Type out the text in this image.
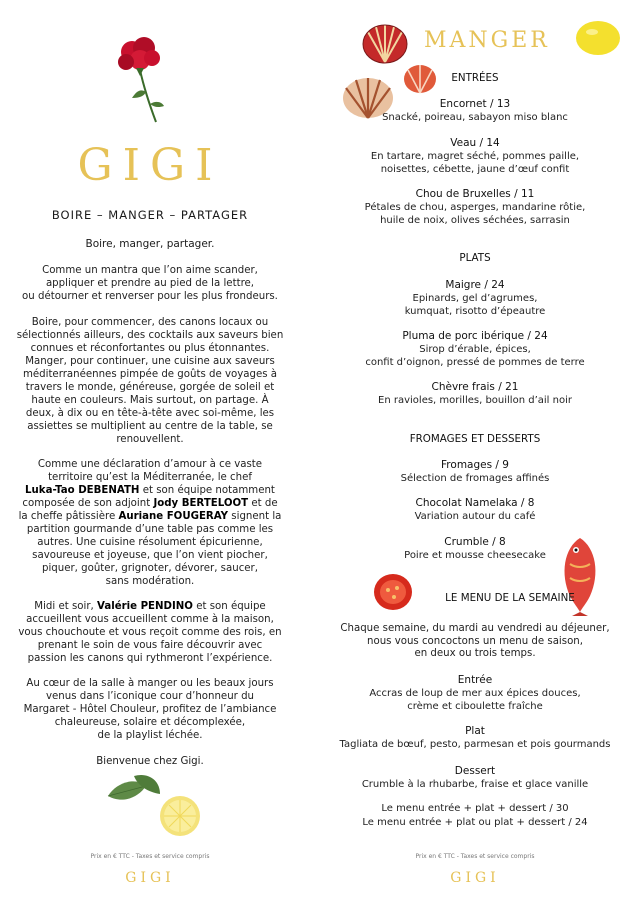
GIGI
BOIRE – MANGER – PARTAGER
Boire, manger, partager.
Comme un mantra que l’on aime scander,
appliquer et prendre au pied de la lettre,
ou détourner et renverser pour les plus frondeurs.
Boire, pour commencer, des canons locaux ou
sélectionnés ailleurs, des cocktails aux saveurs bien
connues et réconfortantes ou plus étonnantes.
Manger, pour continuer, une cuisine aux saveurs
méditerranéennes pimpée de goûts de voyages à
travers le monde, généreuse, gorgée de soleil et
haute en couleurs. Mais surtout, on partage. À
deux, à dix ou en tête-à-tête avec soi-même, les
assiettes se multiplient au centre de la table, se
renouvellent.
Comme une déclaration d’amour à ce vaste
territoire qu’est la Méditerranée, le chef
Luka-Tao DEBENATH et son équipe notamment
composée de son adjoint Jody BERTELOOT et de
la cheffe pâtissière Auriane FOUGERAY signent la
partition gourmande d’une table pas comme les
autres. Une cuisine résolument épicurienne,
savoureuse et joyeuse, que l’on vient piocher,
piquer, goûter, grignoter, dévorer, saucer,
sans modération.
Midi et soir, Valérie PENDINO et son équipe
accueillent vous accueillent comme à la maison,
vous chouchoute et vous reçoit comme des rois, en
prenant le soin de vous faire découvrir avec
passion les canons qui rythmeront l’expérience.
Au cœur de la salle à manger ou les beaux jours
venus dans l’iconique cour d’honneur du
Margaret - Hôtel Chouleur, profitez de l’ambiance
chaleureuse, solaire et décomplexée,
de la playlist léchée.
Bienvenue chez Gigi.
Prix en € TTC - Taxes et service compris
GIGI
MANGER
ENTRÉES
Encornet / 13
Snacké, poireau, sabayon miso blanc
Veau / 14
En tartare, magret séché, pommes paille,
noisettes, cébette, jaune d’œuf confit
Chou de Bruxelles / 11
Pétales de chou, asperges, mandarine rôtie,
huile de noix, olives séchées, sarrasin
PLATS
Maigre / 24
Epinards, gel d’agrumes,
kumquat, risotto d’épeautre
Pluma de porc ibérique / 24
Sirop d’érable, épices,
confit d’oignon, pressé de pommes de terre
Chèvre frais / 21
En ravioles, morilles, bouillon d’ail noir
FROMAGES ET DESSERTS
Fromages / 9
Sélection de fromages affinés
Chocolat Namelaka / 8
Variation autour du café
Crumble / 8
Poire et mousse cheesecake
LE MENU DE LA SEMAINE
Chaque semaine, du mardi au vendredi au déjeuner,
nous vous concoctons un menu de saison,
en deux ou trois temps.
Entrée
Accras de loup de mer aux épices douces,
crème et ciboulette fraîche
Plat
Tagliata de bœuf, pesto, parmesan et pois gourmands
Dessert
Crumble à la rhubarbe, fraise et glace vanille
Le menu entrée + plat + dessert / 30
Le menu entrée + plat ou plat + dessert / 24
Prix en € TTC - Taxes et service compris
GIGI
